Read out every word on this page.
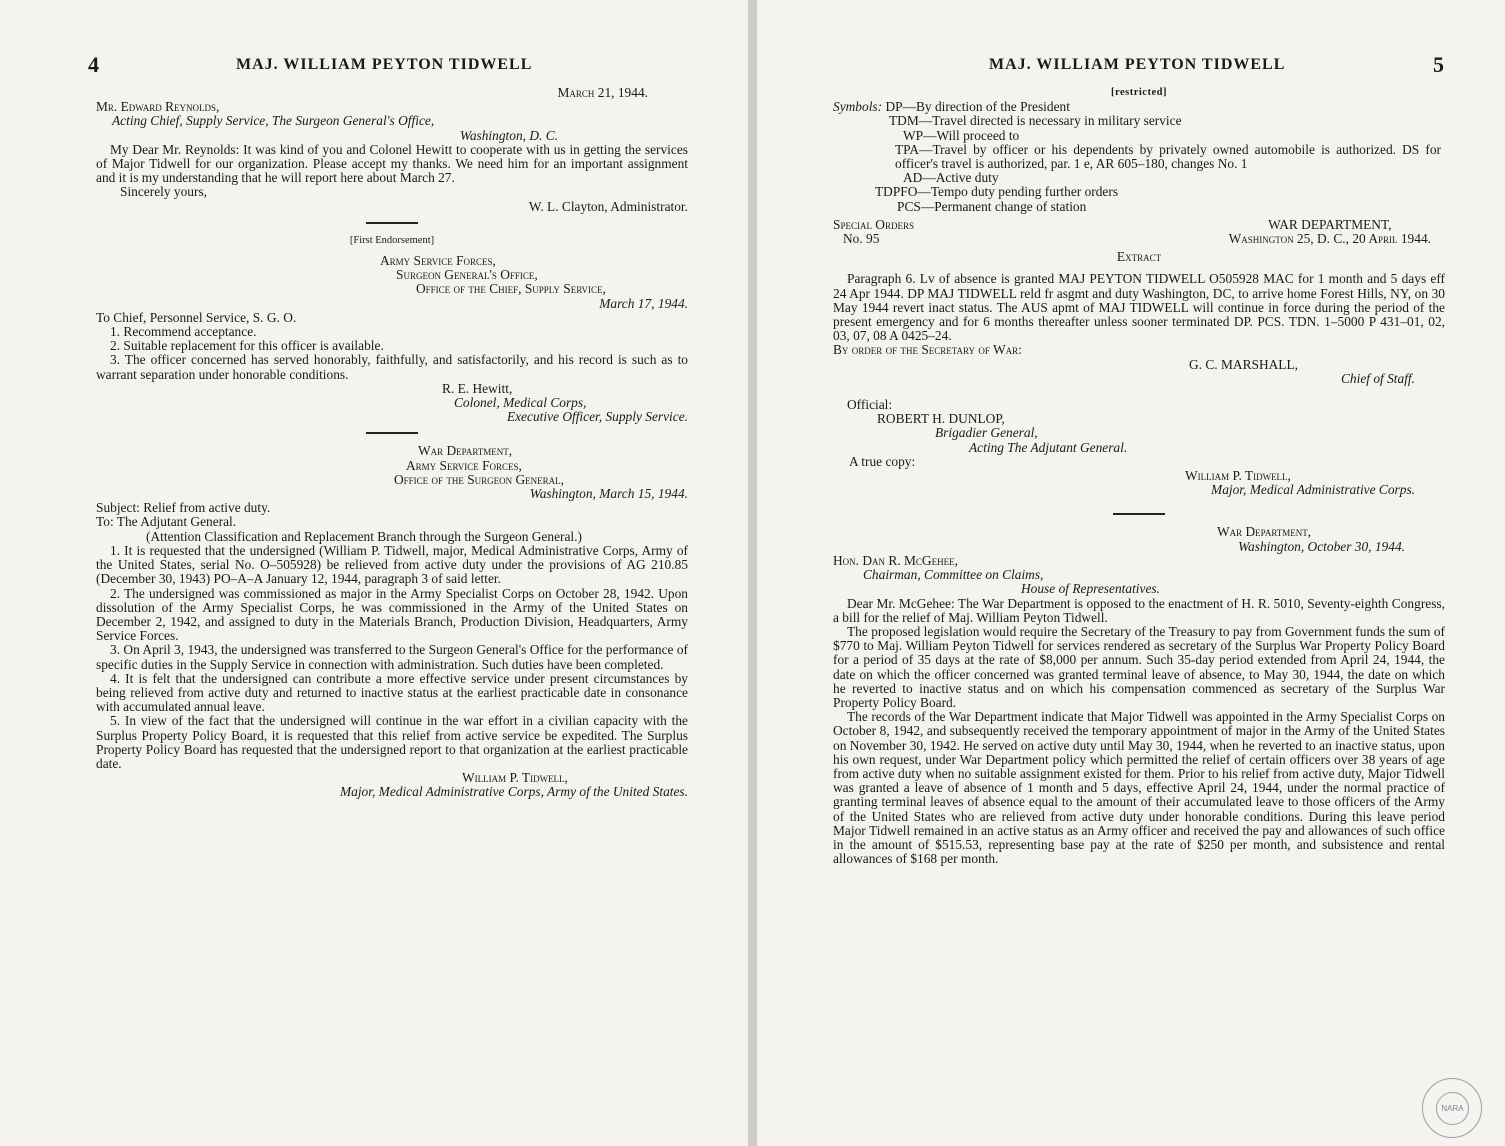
4	MAJ. WILLIAM PEYTON TIDWELL

March 21, 1944.

Mr. Edward Reynolds,

Acting Chief, Supply Service, The Surgeon General's Office,

Washington, D. C.

My Dear Mr. Reynolds: It was kind of you and Colonel Hewitt to cooperate with us in getting the services of Major Tidwell for our organization. Please accept my thanks. We need him for an important assignment and it is my understanding that he will report here about March 27.

Sincerely yours,

W. L. Clayton, Administrator.

[First Endorsement]

Army Service Forces,

Surgeon General's Office,

Office of the Chief, Supply Service,

March 17, 1944.

To Chief, Personnel Service, S. G. O.

1. Recommend acceptance.

2. Suitable replacement for this officer is available.

3. The officer concerned has served honorably, faithfully, and satisfactorily, and his record is such as to warrant separation under honorable conditions.

R. E. Hewitt,

Colonel, Medical Corps,

Executive Officer, Supply Service.

War Department,

Army Service Forces,

Office of the Surgeon General,

Washington, March 15, 1944.

Subject: Relief from active duty.

To: The Adjutant General.

(Attention Classification and Replacement Branch through the Surgeon General.)

1. It is requested that the undersigned (William P. Tidwell, major, Medical Administrative Corps, Army of the United States, serial No. O–505928) be relieved from active duty under the provisions of AG 210.85 (December 30, 1943) PO–A–A January 12, 1944, paragraph 3 of said letter.

2. The undersigned was commissioned as major in the Army Specialist Corps on October 28, 1942. Upon dissolution of the Army Specialist Corps, he was commissioned in the Army of the United States on December 2, 1942, and assigned to duty in the Materials Branch, Production Division, Headquarters, Army Service Forces.

3. On April 3, 1943, the undersigned was transferred to the Surgeon General's Office for the performance of specific duties in the Supply Service in connection with administration. Such duties have been completed.

4. It is felt that the undersigned can contribute a more effective service under present circumstances by being relieved from active duty and returned to inactive status at the earliest practicable date in consonance with accumulated annual leave.

5. In view of the fact that the undersigned will continue in the war effort in a civilian capacity with the Surplus Property Policy Board, it is requested that this relief from active service be expedited. The Surplus Property Policy Board has requested that the undersigned report to that organization at the earliest practicable date.

William P. Tidwell,

Major, Medical Administrative Corps, Army of the United States.

MAJ. WILLIAM PEYTON TIDWELL	5

[restricted]

Symbols: DP—By direction of the President

TDM—Travel directed is necessary in military service

WP—Will proceed to

TPA—Travel by officer or his dependents by privately owned automobile is authorized. DS for officer's travel is authorized, par. 1 e, AR 605–180, changes No. 1

AD—Active duty

TDPFO—Tempo duty pending further orders

PCS—Permanent change of station

Special Orders

No. 95

WAR DEPARTMENT,

Washington 25, D. C., 20 April 1944.

Extract

Paragraph 6. Lv of absence is granted MAJ PEYTON TIDWELL O505928 MAC for 1 month and 5 days eff 24 Apr 1944. DP MAJ TIDWELL reld fr asgmt and duty Washington, DC, to arrive home Forest Hills, NY, on 30 May 1944 revert inact status. The AUS apmt of MAJ TIDWELL will continue in force during the period of the present emergency and for 6 months thereafter unless sooner terminated DP. PCS. TDN. 1–5000 P 431–01, 02, 03, 07, 08 A 0425–24.

By order of the Secretary of War:

G. C. MARSHALL,

Chief of Staff.

Official:

ROBERT H. DUNLOP,

Brigadier General,

Acting The Adjutant General.

A true copy:

William P. Tidwell,

Major, Medical Administrative Corps.

War Department,

Washington, October 30, 1944.

Hon. Dan R. McGehee,

Chairman, Committee on Claims,

House of Representatives.

Dear Mr. McGehee: The War Department is opposed to the enactment of H. R. 5010, Seventy-eighth Congress, a bill for the relief of Maj. William Peyton Tidwell.

The proposed legislation would require the Secretary of the Treasury to pay from Government funds the sum of $770 to Maj. William Peyton Tidwell for services rendered as secretary of the Surplus War Property Policy Board for a period of 35 days at the rate of $8,000 per annum. Such 35-day period extended from April 24, 1944, the date on which the officer concerned was granted terminal leave of absence, to May 30, 1944, the date on which he reverted to inactive status and on which his compensation commenced as secretary of the Surplus War Property Policy Board.

The records of the War Department indicate that Major Tidwell was appointed in the Army Specialist Corps on October 8, 1942, and subsequently received the temporary appointment of major in the Army of the United States on November 30, 1942. He served on active duty until May 30, 1944, when he reverted to an inactive status, upon his own request, under War Department policy which permitted the relief of certain officers over 38 years of age from active duty when no suitable assignment existed for them. Prior to his relief from active duty, Major Tidwell was granted a leave of absence of 1 month and 5 days, effective April 24, 1944, under the normal practice of granting terminal leaves of absence equal to the amount of their accumulated leave to those officers of the Army of the United States who are relieved from active duty under honorable conditions. During this leave period Major Tidwell remained in an active status as an Army officer and received the pay and allowances of such office in the amount of $515.53, representing base pay at the rate of $250 per month, and subsistence and rental allowances of $168 per month.

NARA
